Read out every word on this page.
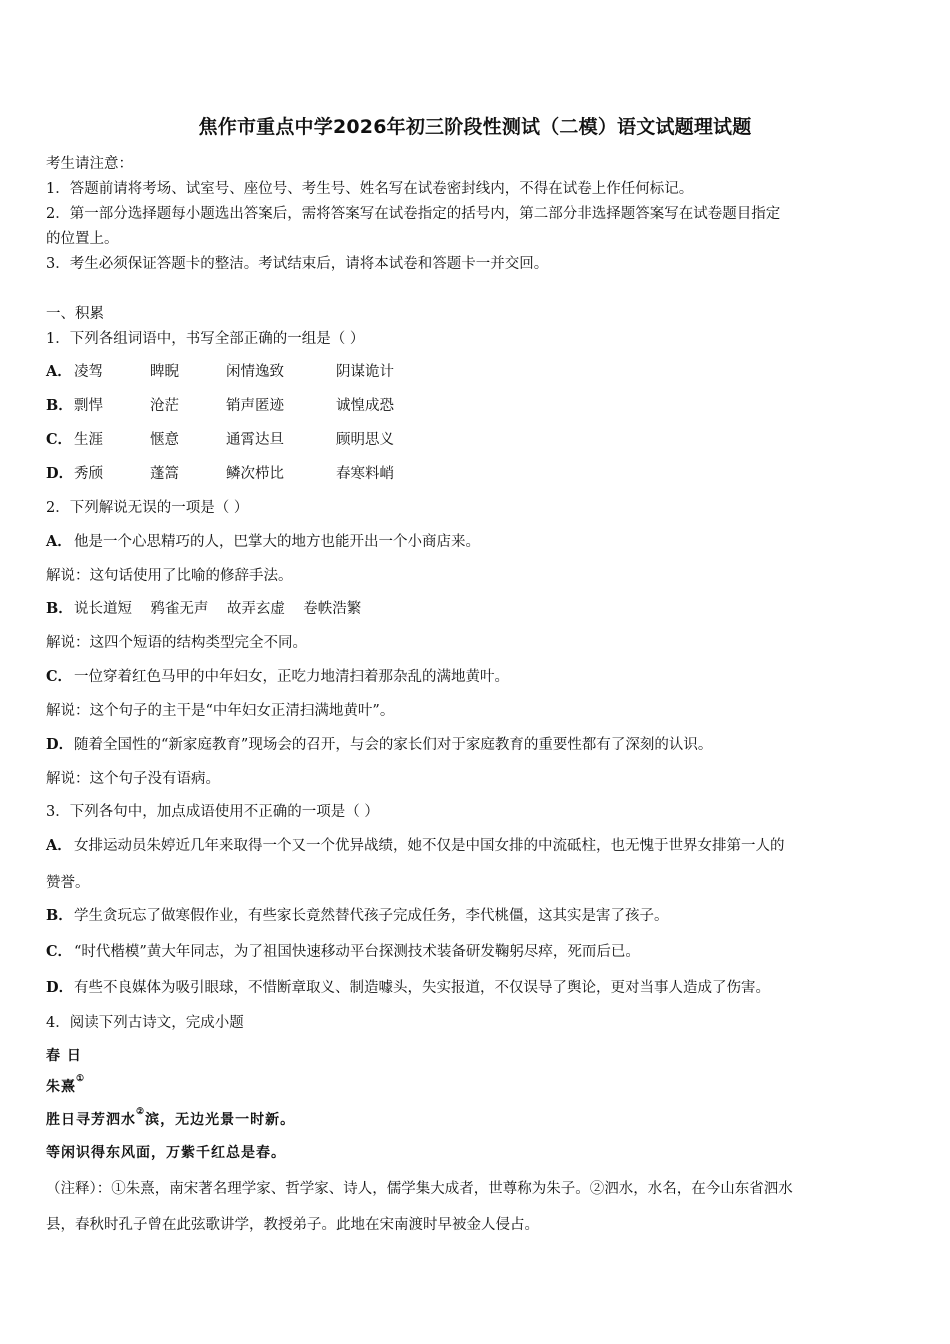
焦作市重点中学2026年初三阶段性测试（二模）语文试题理试题
考生请注意：
1．答题前请将考场、试室号、座位号、考生号、姓名写在试卷密封线内，不得在试卷上作任何标记。
2．第一部分选择题每小题选出答案后，需将答案写在试卷指定的括号内，第二部分非选择题答案写在试卷题目指定
的位置上。
3．考生必须保证答题卡的整洁。考试结束后，请将本试卷和答题卡一并交回。
一、积累
1．下列各组词语中，书写全部正确的一组是（ ）
A． 凌驾	睥睨	闲情逸致	阴谋诡计
B．剽悍	沧茫	销声匿迹	诚惶成恐
C． 生涯	惬意	通霄达旦	顾明思义
D．秀颀	蓬篙	鳞次栉比	春寒料峭
2．下列解说无误的一项是（ ）
A． 他是一个心思精巧的人，巴掌大的地方也能开出一个小商店来。
解说：这句话使用了比喻的修辞手法。
B．说长道短    鸦雀无声    故弄玄虚    卷帙浩繁
解说：这四个短语的结构类型完全不同。
C． 一位穿着红色马甲的中年妇女，正吃力地清扫着那杂乱的满地黄叶。
解说：这个句子的主干是“中年妇女正清扫满地黄叶”。
D．随着全国性的“新家庭教育”现场会的召开，与会的家长们对于家庭教育的重要性都有了深刻的认识。
解说：这个句子没有语病。
3．下列各句中，加点成语使用不正确的一项是（ ）
A． 女排运动员朱婷近几年来取得一个又一个优异战绩，她不仅是中国女排的中流砥柱，也无愧于世界女排第一人的
赞誉。
B．学生贪玩忘了做寒假作业，有些家长竟然替代孩子完成任务，李代桃僵，这其实是害了孩子。
C． “时代楷模”黄大年同志，为了祖国快速移动平台探测技术装备研发鞠躬尽瘁，死而后已。
D．有些不良媒体为吸引眼球，不惜断章取义、制造噱头，失实报道，不仅误导了舆论，更对当事人造成了伤害。
4．阅读下列古诗文，完成小题
春 日
朱熹①
胜日寻芳泗水②滨，无边光景一时新。
等闲识得东风面，万紫千红总是春。
（注释）：①朱熹，南宋著名理学家、哲学家、诗人，儒学集大成者，世尊称为朱子。②泗水，水名，在今山东省泗水
县，春秋时孔子曾在此弦歌讲学，教授弟子。此地在宋南渡时早被金人侵占。
